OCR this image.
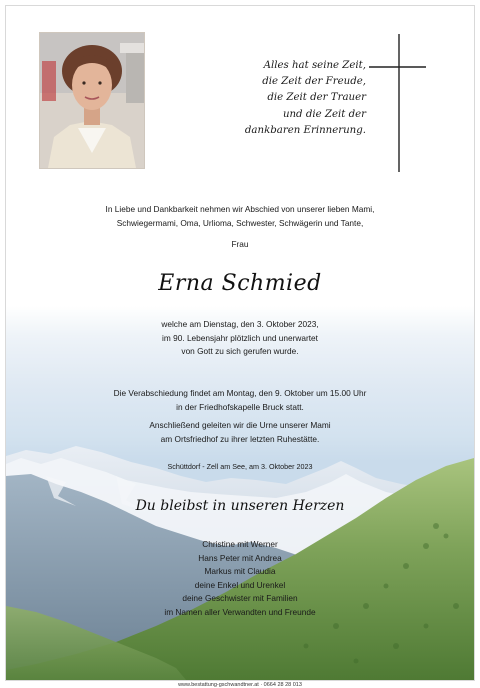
Alles hat seine Zeit,
die Zeit der Freude,
die Zeit der Trauer
und die Zeit der
dankbaren Erinnerung.
In Liebe und Dankbarkeit nehmen wir Abschied von unserer lieben Mami,
Schwiegermami, Oma, Urlioma, Schwester, Schwägerin und Tante,
Frau
Erna Schmied
welche am Dienstag, den 3. Oktober 2023,
im 90. Lebensjahr plötzlich und unerwartet
von Gott zu sich gerufen wurde.
Die Verabschiedung findet am Montag, den 9. Oktober um 15.00 Uhr
in der Friedhofskapelle Bruck statt.
Anschließend geleiten wir die Urne unserer Mami
am Ortsfriedhof zu ihrer letzten Ruhestätte.
Schüttdorf - Zell am See, am 3. Oktober 2023
Du bleibst in unseren Herzen
Christine mit Werner
Hans Peter mit Andrea
Markus mit Claudia
deine Enkel und Urenkel
deine Geschwister mit Familien
im Namen aller Verwandten und Freunde
www.bestattung-gschwandtner.at · 0664 28 28 013
